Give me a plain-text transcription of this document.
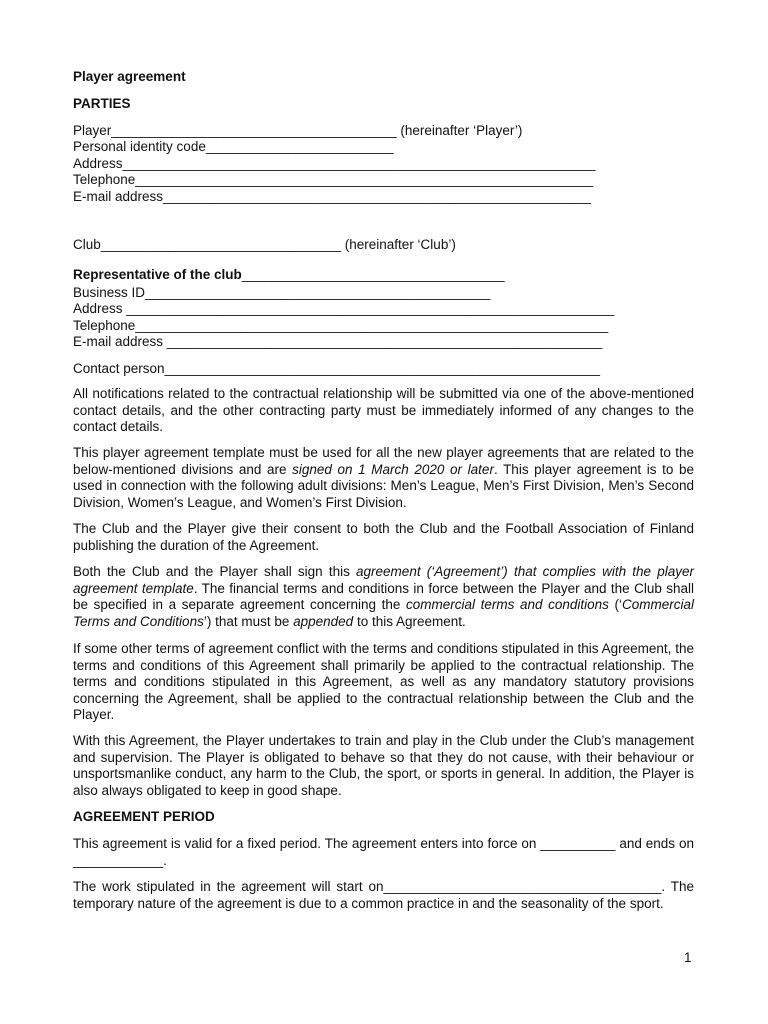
Player agreement
PARTIES
Player______________________________________ (hereinafter ‘Player’)
Personal identity code_________________________
Address_______________________________________________________________
Telephone_____________________________________________________________
E-mail address_________________________________________________________
Club________________________________ (hereinafter ‘Club’)
Representative of the club___________________________________
Business ID______________________________________________
Address _________________________________________________________________
Telephone_______________________________________________________________
E-mail address __________________________________________________________
Contact person__________________________________________________________
All notifications related to the contractual relationship will be submitted via one of the above-mentioned contact details, and the other contracting party must be immediately informed of any changes to the contact details.
This player agreement template must be used for all the new player agreements that are related to the below-mentioned divisions and are signed on 1 March 2020 or later. This player agreement is to be used in connection with the following adult divisions: Men’s League, Men’s First Division, Men’s Second Division, Women’s League, and Women’s First Division.
The Club and the Player give their consent to both the Club and the Football Association of Finland publishing the duration of the Agreement.
Both the Club and the Player shall sign this agreement (‘Agreement’) that complies with the player agreement template. The financial terms and conditions in force between the Player and the Club shall be specified in a separate agreement concerning the commercial terms and conditions (‘Commercial Terms and Conditions’) that must be appended to this Agreement.
If some other terms of agreement conflict with the terms and conditions stipulated in this Agreement, the terms and conditions of this Agreement shall primarily be applied to the contractual relationship. The terms and conditions stipulated in this Agreement, as well as any mandatory statutory provisions concerning the Agreement, shall be applied to the contractual relationship between the Club and the Player.
With this Agreement, the Player undertakes to train and play in the Club under the Club’s management and supervision. The Player is obligated to behave so that they do not cause, with their behaviour or unsportsmanlike conduct, any harm to the Club, the sport, or sports in general. In addition, the Player is also always obligated to keep in good shape.
AGREEMENT PERIOD
This agreement is valid for a fixed period. The agreement enters into force on __________ and ends on ____________.
The work stipulated in the agreement will start on_____________________________________. The temporary nature of the agreement is due to a common practice in and the seasonality of the sport.
1
